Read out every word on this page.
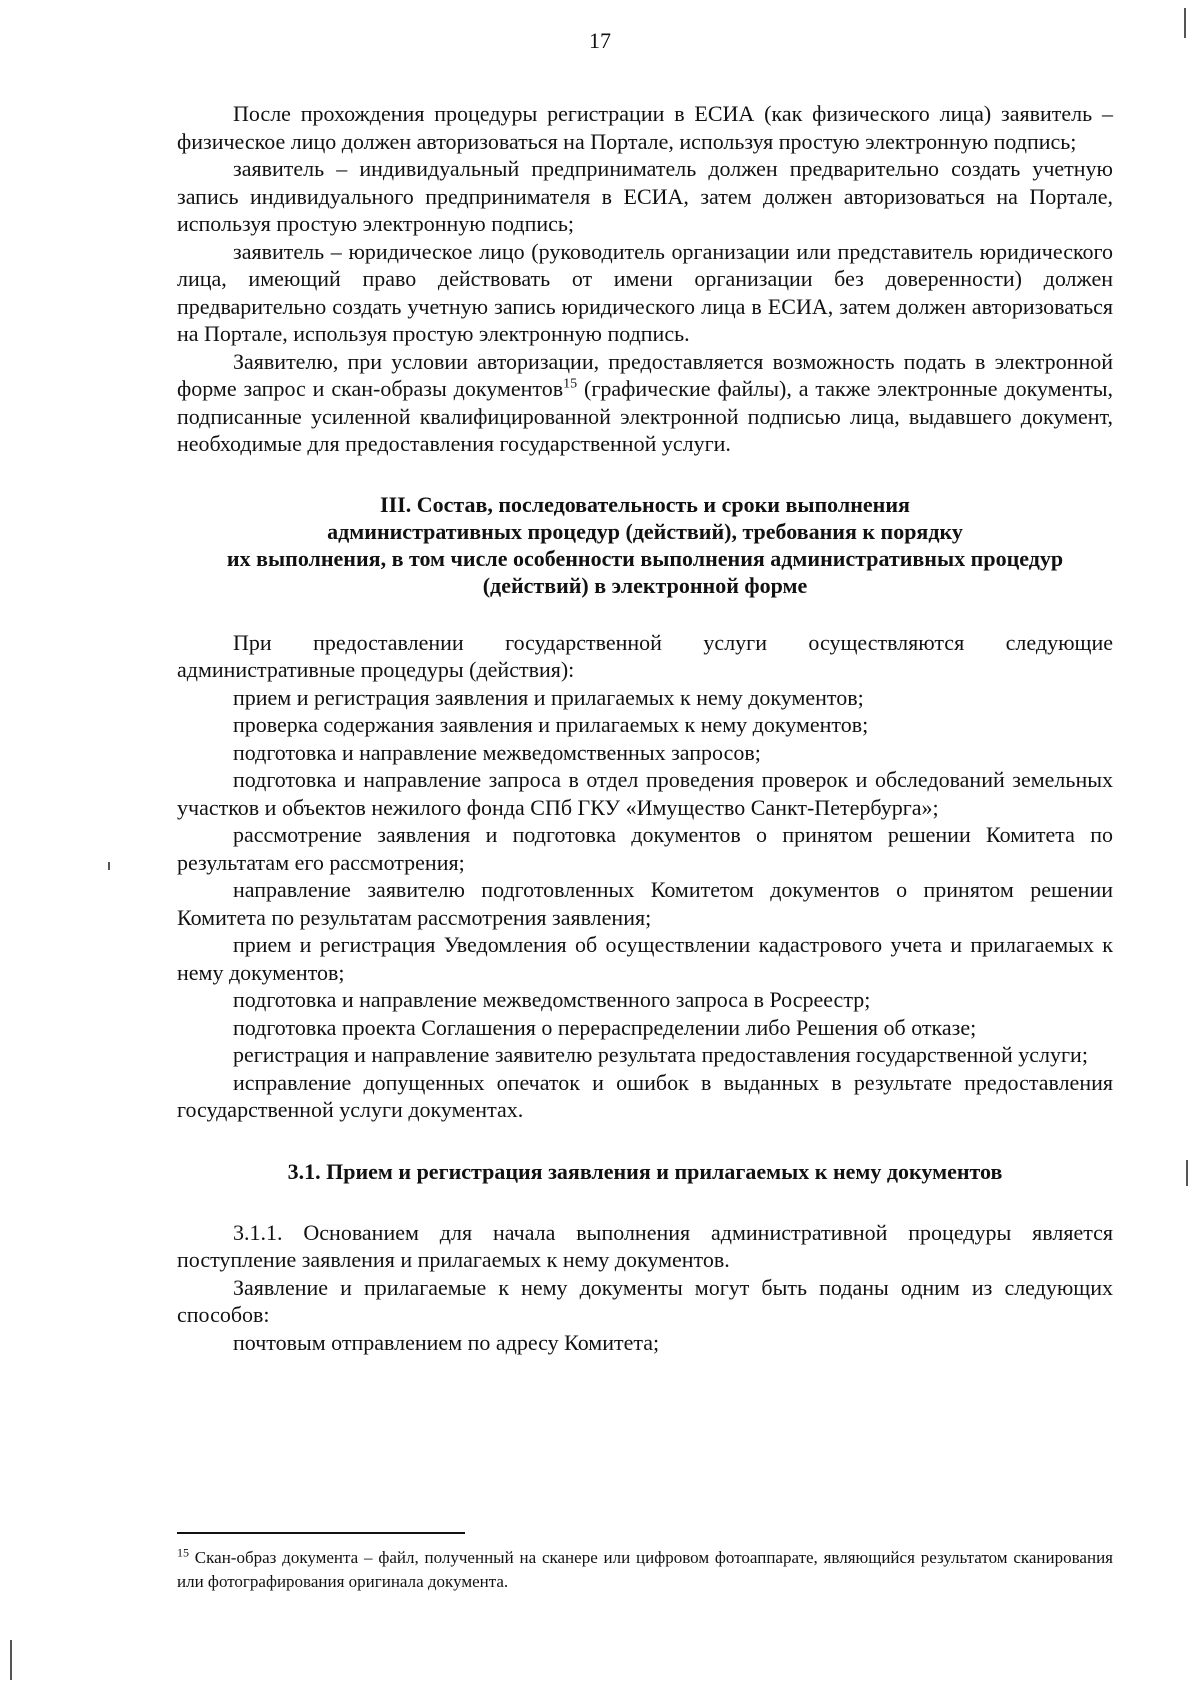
17

После прохождения процедуры регистрации в ЕСИА (как физического лица) заявитель – физическое лицо должен авторизоваться на Портале, используя простую электронную подпись;

заявитель – индивидуальный предприниматель должен предварительно создать учетную запись индивидуального предпринимателя в ЕСИА, затем должен авторизоваться на Портале, используя простую электронную подпись;

заявитель – юридическое лицо (руководитель организации или представитель юридического лица, имеющий право действовать от имени организации без доверенности) должен предварительно создать учетную запись юридического лица в ЕСИА, затем должен авторизоваться на Портале, используя простую электронную подпись.

Заявителю, при условии авторизации, предоставляется возможность подать в электронной форме запрос и скан-образы документов$^{15}$ (графические файлы), а также электронные документы, подписанные усиленной квалифицированной электронной подписью лица, выдавшего документ, необходимые для предоставления государственной услуги.

III. Состав, последовательность и сроки выполнения
административных процедур (действий), требования к порядку
их выполнения, в том числе особенности выполнения административных процедур
(действий) в электронной форме

При предоставлении государственной услуги осуществляются следующие административные процедуры (действия):

прием и регистрация заявления и прилагаемых к нему документов;

проверка содержания заявления и прилагаемых к нему документов;

подготовка и направление межведомственных запросов;

подготовка и направление запроса в отдел проведения проверок и обследований земельных участков и объектов нежилого фонда СПб ГКУ «Имущество Санкт-Петербурга»;

рассмотрение заявления и подготовка документов о принятом решении Комитета по результатам его рассмотрения;

направление заявителю подготовленных Комитетом документов о принятом решении Комитета по результатам рассмотрения заявления;

прием и регистрация Уведомления об осуществлении кадастрового учета и прилагаемых к нему документов;

подготовка и направление межведомственного запроса в Росреестр;

подготовка проекта Соглашения о перераспределении либо Решения об отказе;

регистрация и направление заявителю результата предоставления государственной услуги;

исправление допущенных опечаток и ошибок в выданных в результате предоставления государственной услуги документах.

3.1. Прием и регистрация заявления и прилагаемых к нему документов

3.1.1. Основанием для начала выполнения административной процедуры является поступление заявления и прилагаемых к нему документов.

Заявление и прилагаемые к нему документы могут быть поданы одним из следующих способов:

почтовым отправлением по адресу Комитета;

$^{15}$ Скан-образ документа – файл, полученный на сканере или цифровом фотоаппарате, являющийся результатом сканирования или фотографирования оригинала документа.
